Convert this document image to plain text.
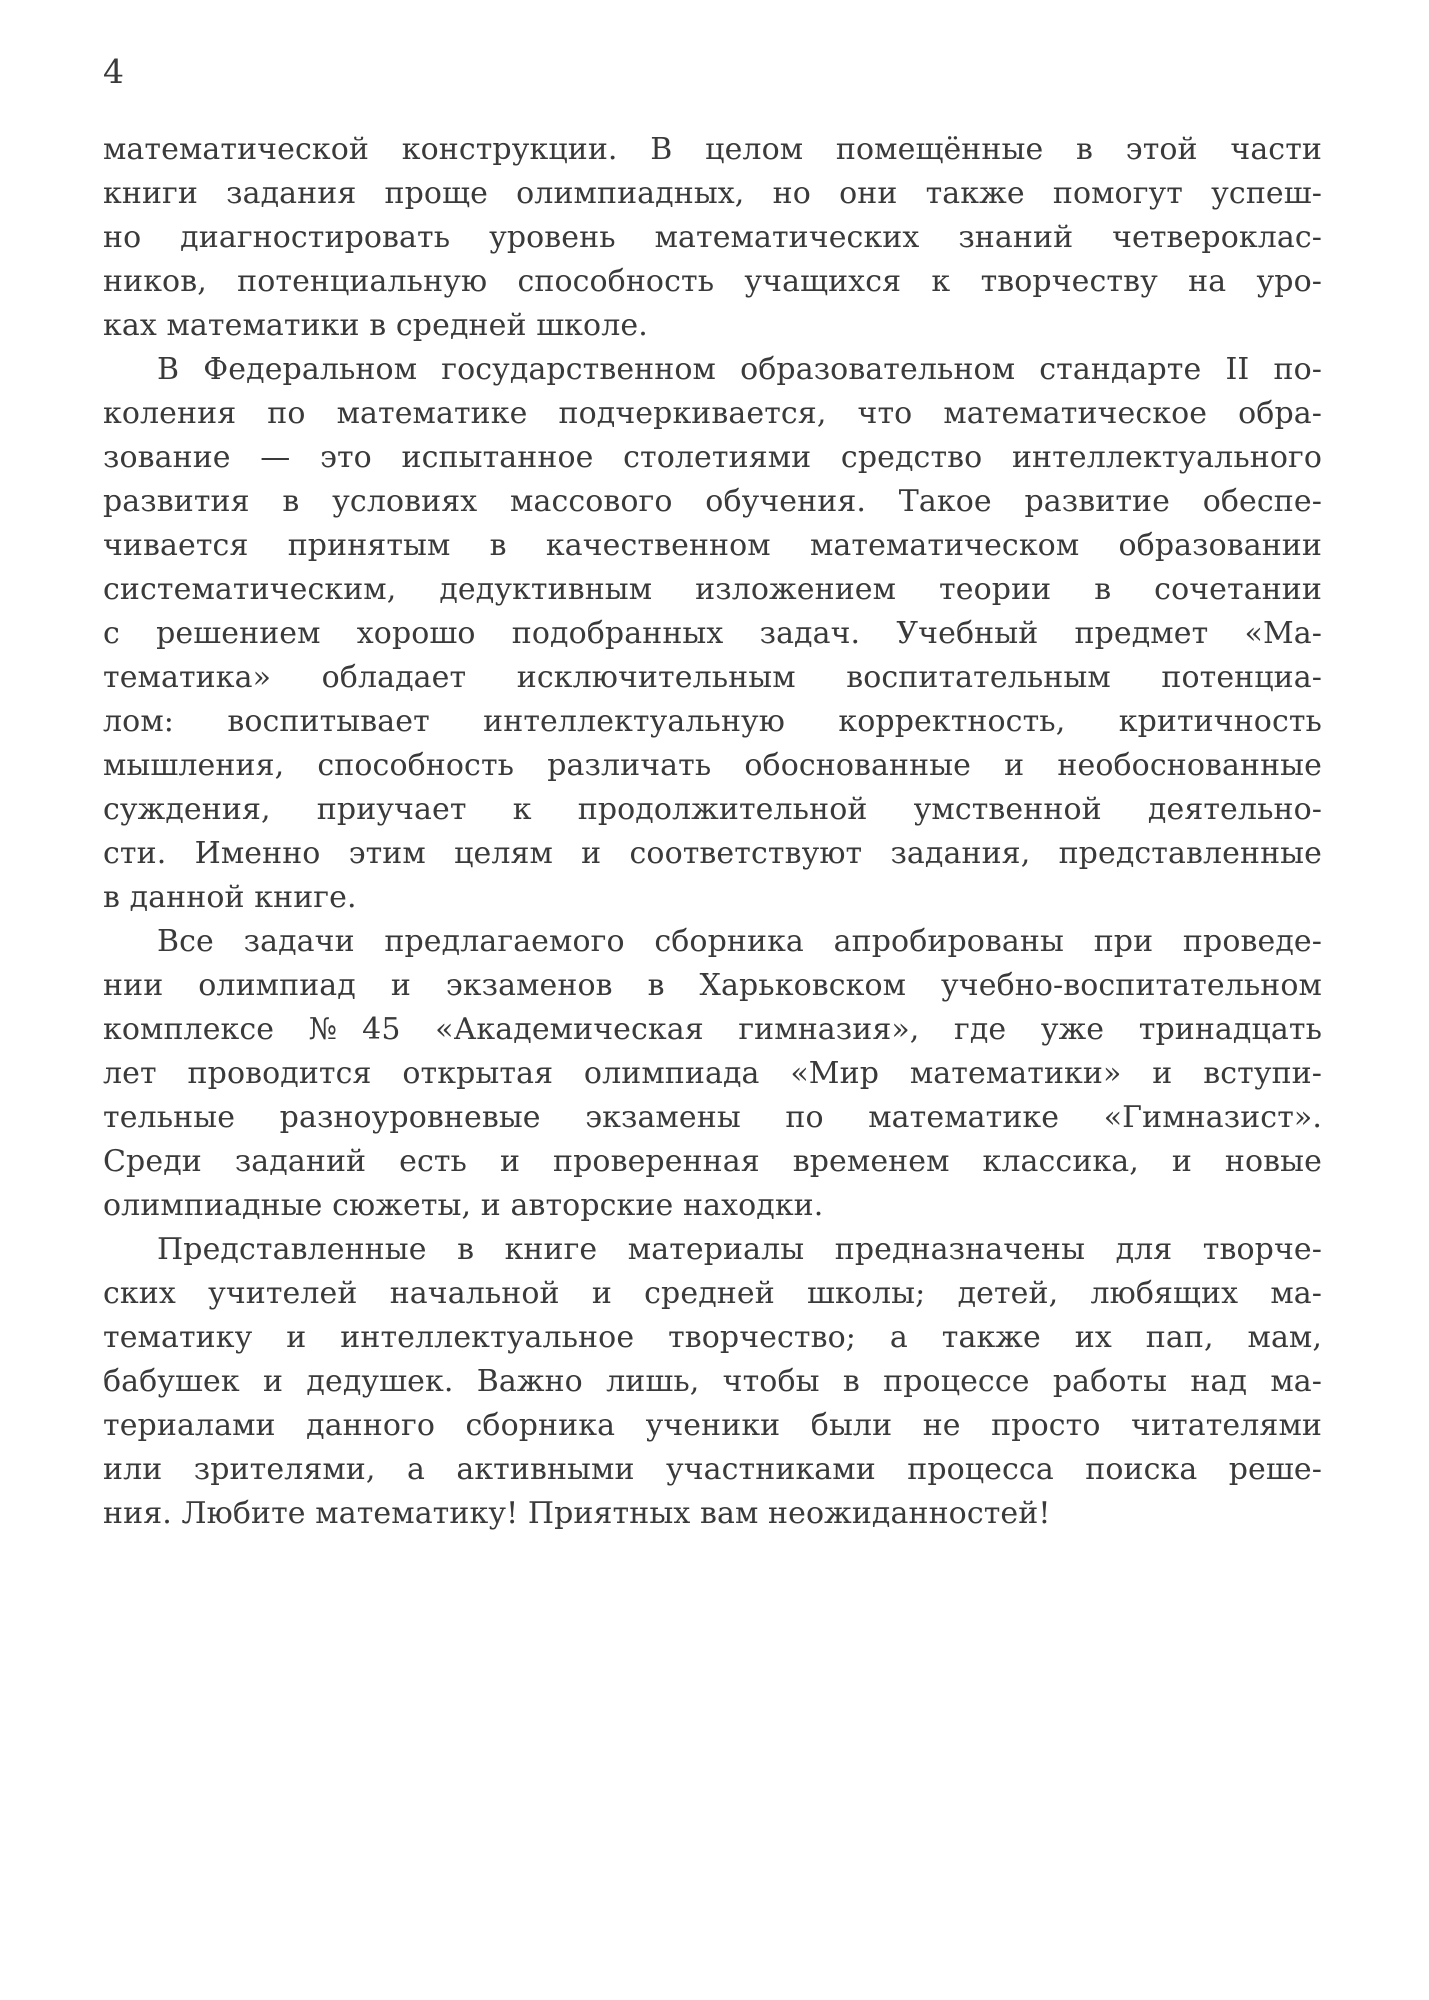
4
математической конструкции. В целом помещённые в этой части
книги задания проще олимпиадных, но они также помогут успеш-
но диагностировать уровень математических знаний четвероклас-
ников, потенциальную способность учащихся к творчеству на уро-
ках математики в средней школе.
В Федеральном государственном образовательном стандарте II по-
коления по математике подчеркивается, что математическое обра-
зование — это испытанное столетиями средство интеллектуального
развития в условиях массового обучения. Такое развитие обеспе-
чивается принятым в качественном математическом образовании
систематическим, дедуктивным изложением теории в сочетании
с решением хорошо подобранных задач. Учебный предмет «Ма-
тематика» обладает исключительным воспитательным потенциа-
лом: воспитывает интеллектуальную корректность, критичность
мышления, способность различать обоснованные и необоснованные
суждения, приучает к продолжительной умственной деятельно-
сти. Именно этим целям и соответствуют задания, представленные
в данной книге.
Все задачи предлагаемого сборника апробированы при проведе-
нии олимпиад и экзаменов в Харьковском учебно-воспитательном
комплексе №45 «Академическая гимназия», где уже тринадцать
лет проводится открытая олимпиада «Мир математики» и вступи-
тельные разноуровневые экзамены по математике «Гимназист».
Среди заданий есть и проверенная временем классика, и новые
олимпиадные сюжеты, и авторские находки.
Представленные в книге материалы предназначены для творче-
ских учителей начальной и средней школы; детей, любящих ма-
тематику и интеллектуальное творчество; а также их пап, мам,
бабушек и дедушек. Важно лишь, чтобы в процессе работы над ма-
териалами данного сборника ученики были не просто читателями
или зрителями, а активными участниками процесса поиска реше-
ния. Любите математику! Приятных вам неожиданностей!
